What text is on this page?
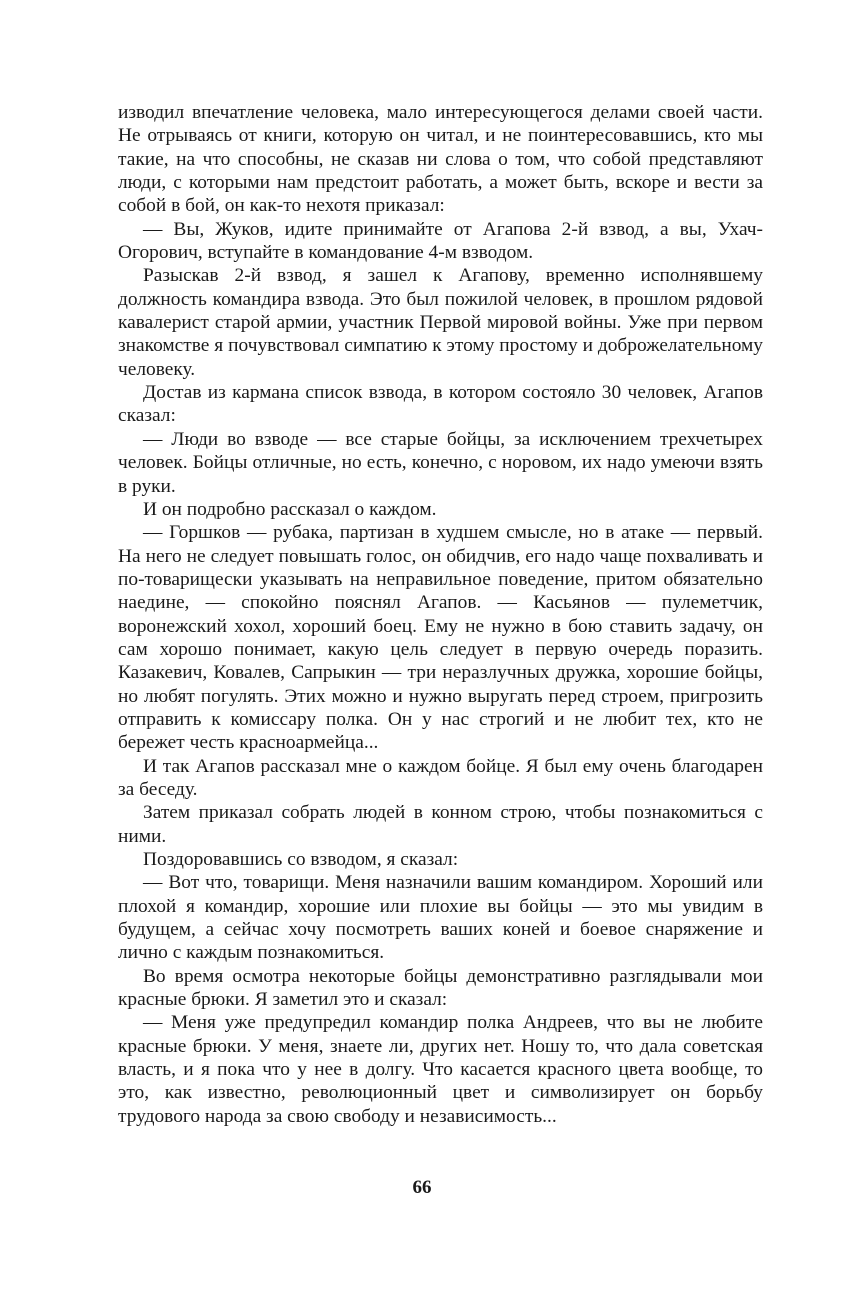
изводил впечатление человека, мало интересующегося делами своей части. Не отрываясь от книги, которую он читал, и не поинтересовавшись, кто мы такие, на что способны, не сказав ни слова о том, что собой представляют люди, с которыми нам предстоит работать, а может быть, вскоре и вести за собой в бой, он как-то нехотя приказал:

— Вы, Жуков, идите принимайте от Агапова 2-й взвод, а вы, Ухач-Огорович, вступайте в командование 4-м взводом.

Разыскав 2-й взвод, я зашел к Агапову, временно исполнявшему должность командира взвода. Это был пожилой человек, в прошлом рядовой кавалерист старой армии, участник Первой мировой войны. Уже при первом знакомстве я почувствовал симпатию к этому простому и доброжелательному человеку.

Достав из кармана список взвода, в котором состояло 30 человек, Агапов сказал:

— Люди во взводе — все старые бойцы, за исключением трехчетырех человек. Бойцы отличные, но есть, конечно, с норовом, их надо умеючи взять в руки.

И он подробно рассказал о каждом.

— Горшков — рубака, партизан в худшем смысле, но в атаке — первый. На него не следует повышать голос, он обидчив, его надо чаще похваливать и по-товарищески указывать на неправильное поведение, притом обязательно наедине, — спокойно пояснял Агапов. — Касьянов — пулеметчик, воронежский хохол, хороший боец. Ему не нужно в бою ставить задачу, он сам хорошо понимает, какую цель следует в первую очередь поразить. Казакевич, Ковалев, Сапрыкин — три неразлучных дружка, хорошие бойцы, но любят погулять. Этих можно и нужно выругать перед строем, пригрозить отправить к комиссару полка. Он у нас строгий и не любит тех, кто не бережет честь красноармейца...

И так Агапов рассказал мне о каждом бойце. Я был ему очень благодарен за беседу.

Затем приказал собрать людей в конном строю, чтобы познакомиться с ними.

Поздоровавшись со взводом, я сказал:

— Вот что, товарищи. Меня назначили вашим командиром. Хороший или плохой я командир, хорошие или плохие вы бойцы — это мы увидим в будущем, а сейчас хочу посмотреть ваших коней и боевое снаряжение и лично с каждым познакомиться.

Во время осмотра некоторые бойцы демонстративно разглядывали мои красные брюки. Я заметил это и сказал:

— Меня уже предупредил командир полка Андреев, что вы не любите красные брюки. У меня, знаете ли, других нет. Ношу то, что дала советская власть, и я пока что у нее в долгу. Что касается красного цвета вообще, то это, как известно, революционный цвет и символизирует он борьбу трудового народа за свою свободу и независимость...

66
